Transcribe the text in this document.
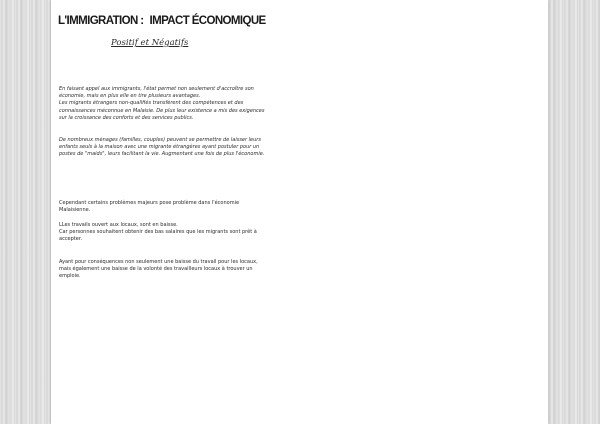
L'IMMIGRATION : IMPACT ÉCONOMIQUE

Positif et Négatifs

En faisant appel aux immigrants, l'état permet non seulement d'accroître son
économie, mais en plus elle en tire plusieurs avantages.
Les migrants étrangers non-qualifiés transfèrent des compétences et des
connaissances méconnue en Malaisie. De plus leur existence a mis des exigences
sur la croissance des conforts et des services publics.

De nombreux ménages (familles, couples) peuvent se permettre de laisser leurs
enfants seuls à la maison avec une migrante étrangères ayant postuler pour un
postes de "maids", leurs facilitant la vie. Augmentant une fois de plus l'économie.

Cependant certains problèmes majeurs pose problème dans l'économie
Malaisienne.

LLes travails ouvert aux locaux, sont en baisse.
Car personnes souhaitent obtenir des bas salaires que les migrants sont prêt à
accepter.

Ayant pour conséquences non seulement une baisse du travail pour les locaux,
mais également une baisse de la volonté des travailleurs locaux à trouver un
emploie.
